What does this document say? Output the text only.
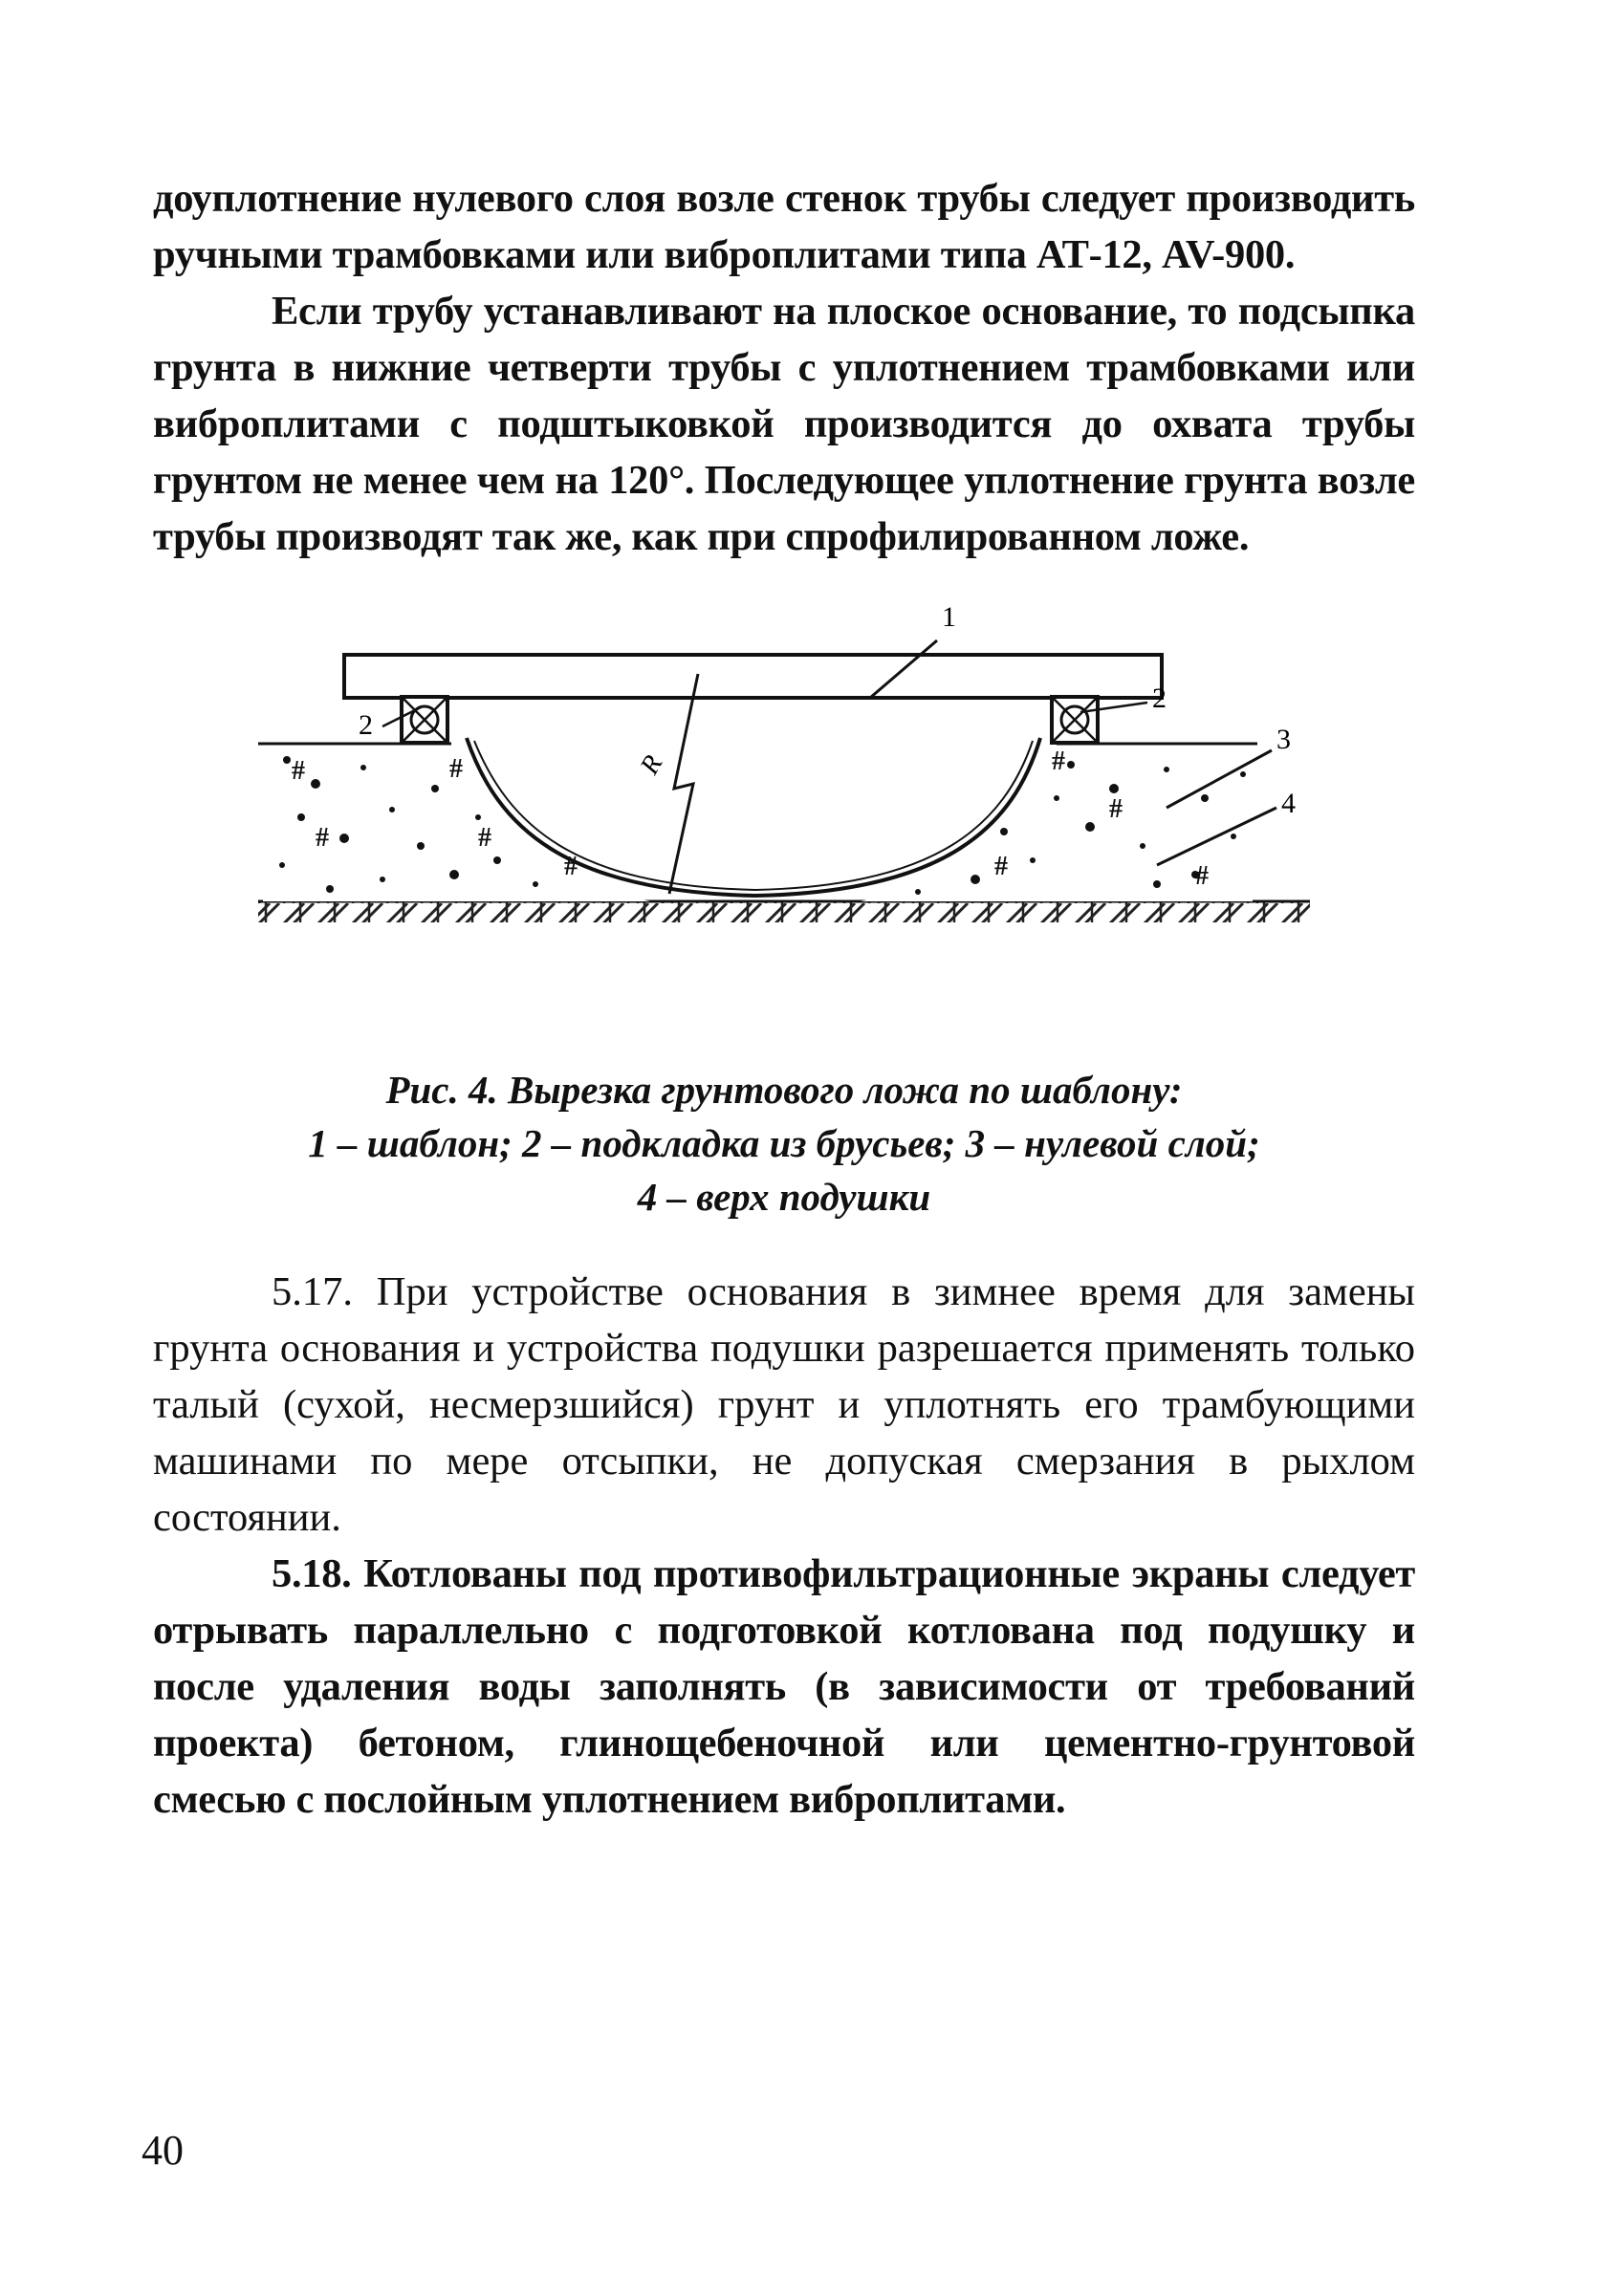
доуплотнение нулевого слоя возле стенок трубы следует производить ручными трамбовками или виброплитами типа АТ-12, AV-900.

Если трубу устанавливают на плоское основание, то подсыпка грунта в нижние четверти трубы с уплотнением трамбовками или виброплитами с подштыковкой производится до охвата трубы грунтом не менее чем на 120°. Последующее уплотнение грунта возле трубы производят так же, как при спрофилированном ложе.

#	#
#	#
#	#
#
#
#
1
2
2
3
4
R
Рис. 4. Вырезка грунтового ложа по шаблону:
1 – шаблон; 2 – подкладка из брусьев; 3 – нулевой слой;
4 – верх подушки

5.17. При устройстве основания в зимнее время для замены грунта основания и устройства подушки разрешается применять только талый (сухой, несмерзшийся) грунт и уплотнять его трамбующими машинами по мере отсыпки, не допуская смерзания в рыхлом состоянии.

5.18. Котлованы под противофильтрационные экраны следует отрывать параллельно с подготовкой котлована под подушку и после удаления воды заполнять (в зависимости от требований проекта) бетоном, глинощебеночной или цементно-грунтовой смесью с послойным уплотнением виброплитами.

40
